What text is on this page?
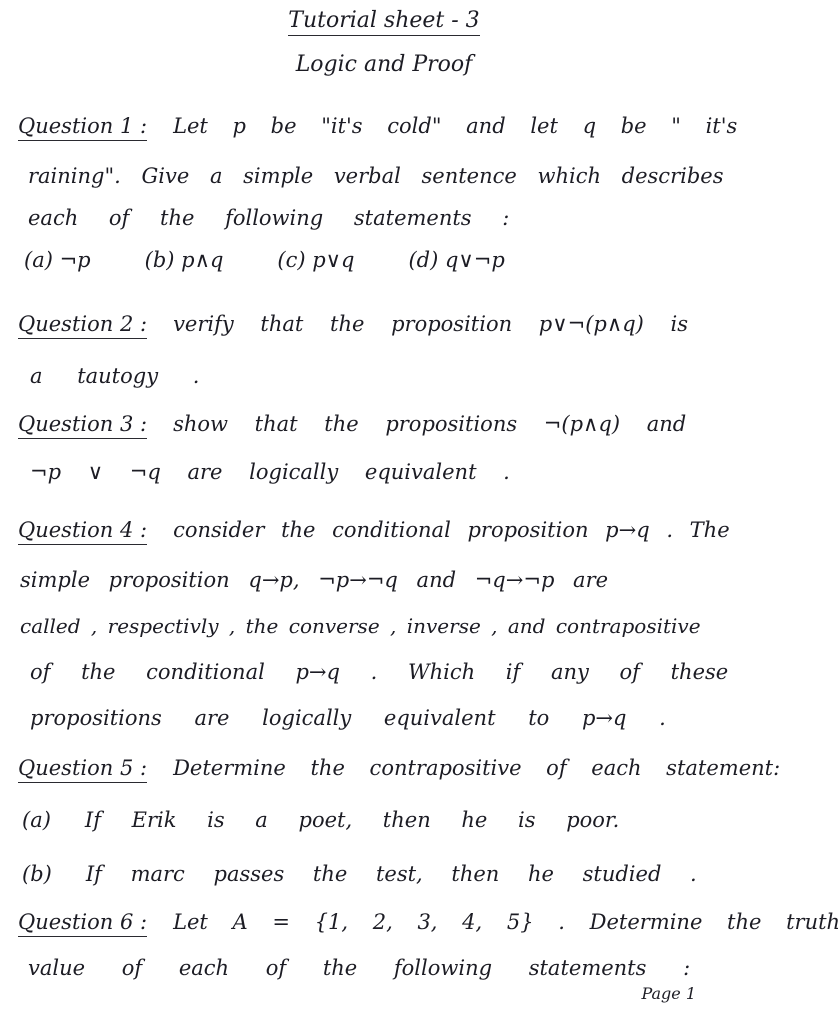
Tutorial sheet - 3
Logic and Proof
Question 1 : Let p be "it's cold" and let q be " it's
raining". Give a simple verbal sentence which describes
each of the following statements :
(a) ¬p	(b) p∧q	(c) p∨q	(d) q∨¬p
Question 2 : verify that the proposition p∨¬(p∧q) is
a tautogy .
Question 3 : show that the propositions ¬(p∧q) and
¬p ∨ ¬q are logically equivalent .
Question 4 : consider the conditional proposition p→q . The
simple proposition q→p, ¬p→¬q and ¬q→¬p are
called , respectivly , the converse , inverse , and contrapositive
of the conditional p→q . Which if any of these
propositions are logically equivalent to p→q .
Question 5 : Determine the contrapositive of each statement:
(a) If Erik is a poet, then he is poor.
(b) If marc passes the test, then he studied .
Question 6 : Let A = {1, 2, 3, 4, 5} . Determine the truth
value of each of the following statements :
Page 1
